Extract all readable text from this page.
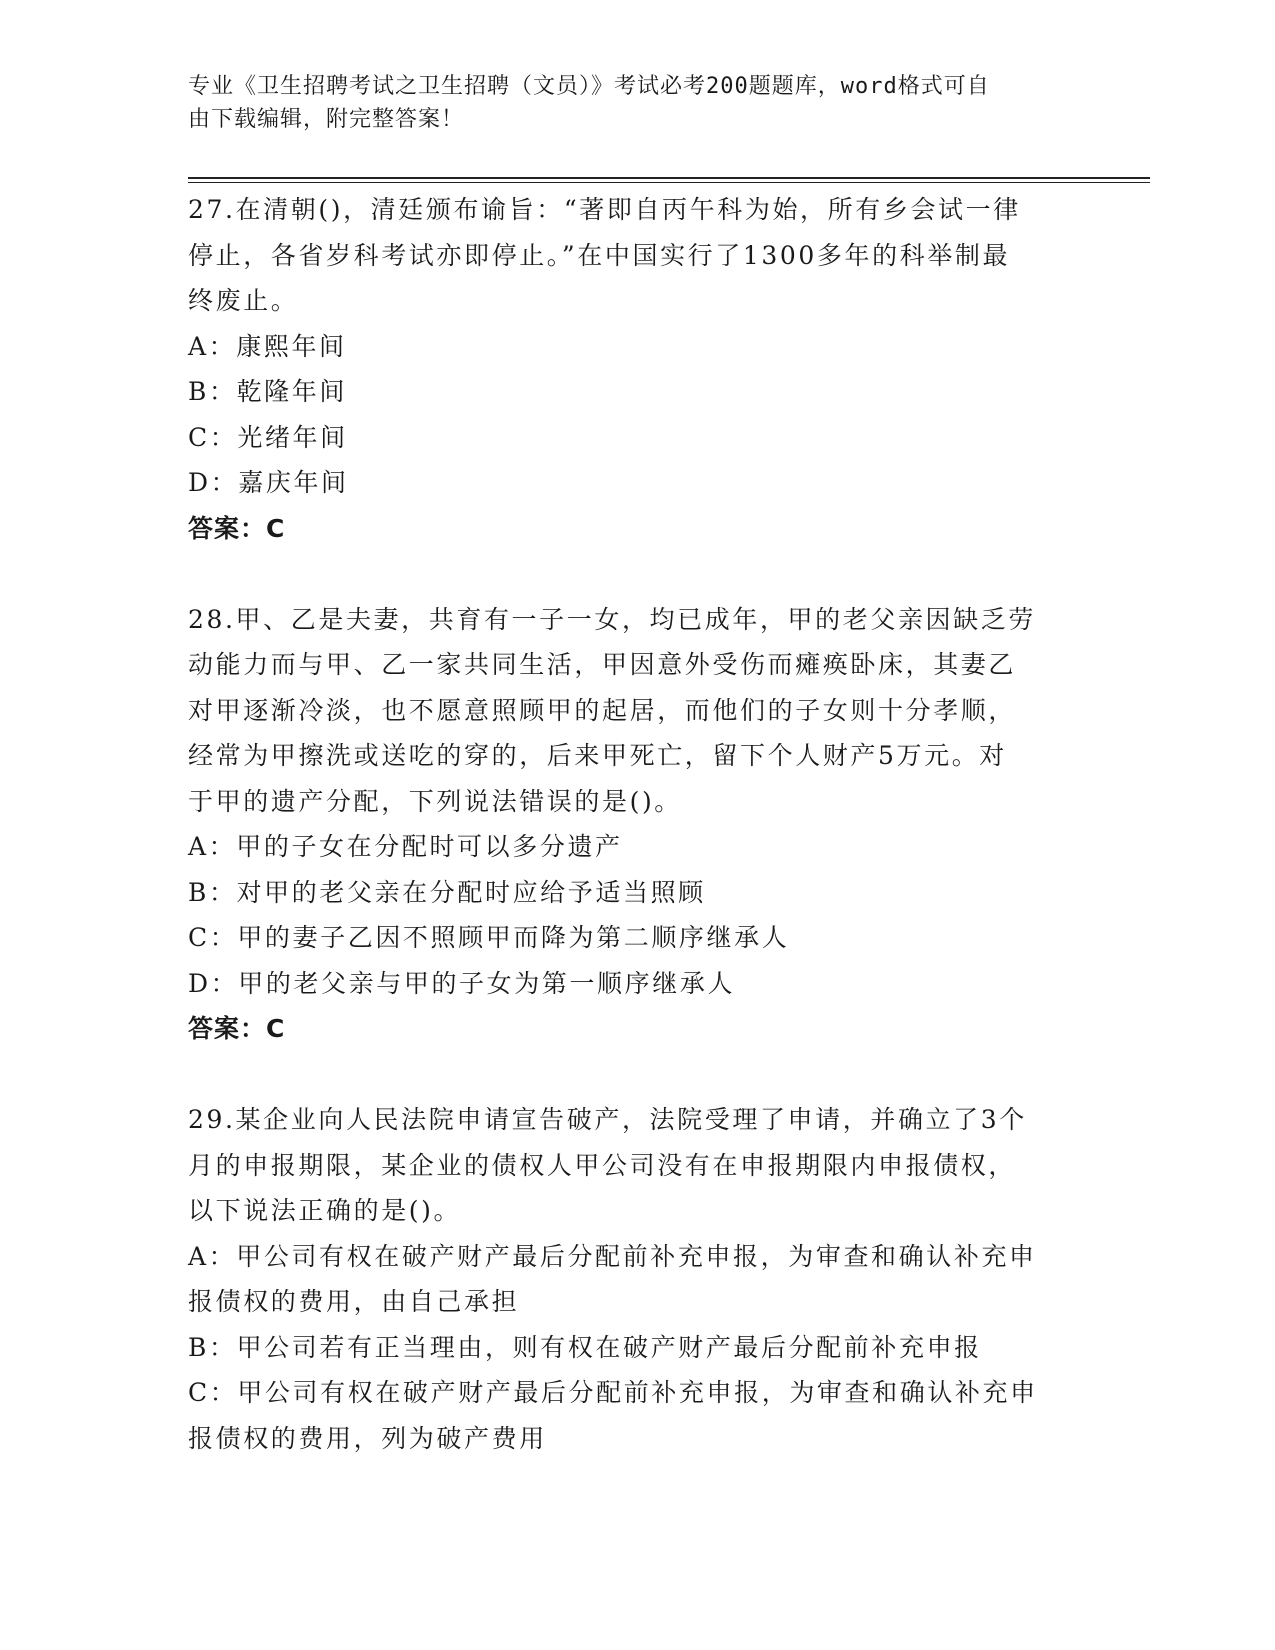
专业《卫生招聘考试之卫生招聘（文员）》考试必考200题题库，word格式可自
由下载编辑，附完整答案！
27.在清朝()，清廷颁布谕旨：“著即自丙午科为始，所有乡会试一律
停止，各省岁科考试亦即停止。”在中国实行了1300多年的科举制最
终废止。
A：康熙年间
B：乾隆年间
C：光绪年间
D：嘉庆年间
答案：C
28.甲、乙是夫妻，共育有一子一女，均已成年，甲的老父亲因缺乏劳
动能力而与甲、乙一家共同生活，甲因意外受伤而瘫痪卧床，其妻乙
对甲逐渐冷淡，也不愿意照顾甲的起居，而他们的子女则十分孝顺，
经常为甲擦洗或送吃的穿的，后来甲死亡，留下个人财产5万元。对
于甲的遗产分配，下列说法错误的是()。
A：甲的子女在分配时可以多分遗产
B：对甲的老父亲在分配时应给予适当照顾
C：甲的妻子乙因不照顾甲而降为第二顺序继承人
D：甲的老父亲与甲的子女为第一顺序继承人
答案：C
29.某企业向人民法院申请宣告破产，法院受理了申请，并确立了3个
月的申报期限，某企业的债权人甲公司没有在申报期限内申报债权，
以下说法正确的是()。
A：甲公司有权在破产财产最后分配前补充申报，为审查和确认补充申
报债权的费用，由自己承担
B：甲公司若有正当理由，则有权在破产财产最后分配前补充申报
C：甲公司有权在破产财产最后分配前补充申报，为审查和确认补充申
报债权的费用，列为破产费用
